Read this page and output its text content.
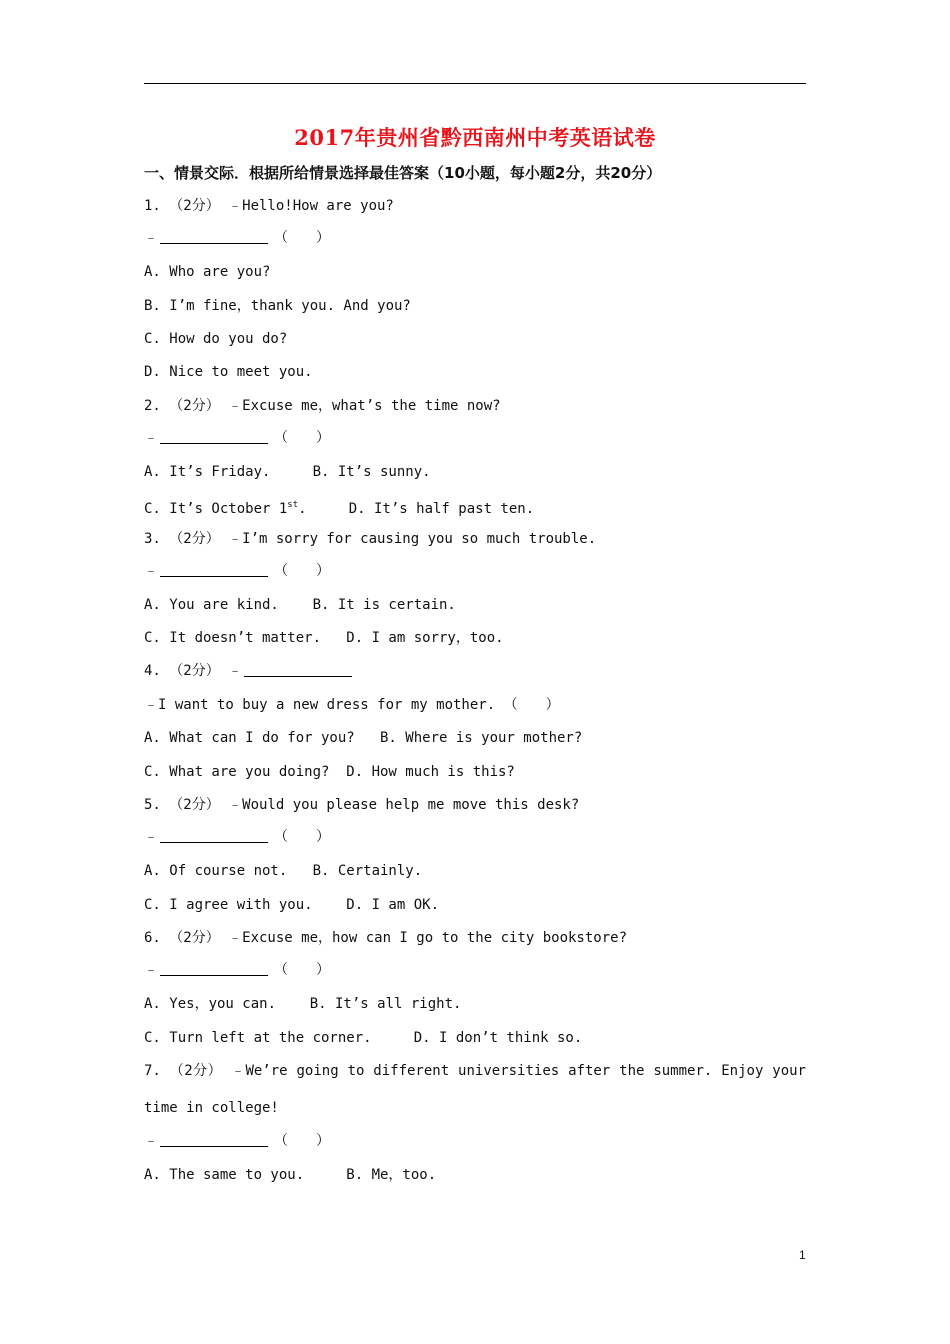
2017年贵州省黔西南州中考英语试卷
一、情景交际．根据所给情景选择最佳答案（10小题，每小题2分，共20分）
1. （2分） ﹣Hello!How are you?
﹣	（　　）
A. Who are you?
B. I’m fine，thank you. And you?
C. How do you do?
D. Nice to meet you.
2. （2分） ﹣Excuse me，what’s the time now?
﹣	（　　）
A. It’s Friday.     B. It’s sunny.
C. It’s October 1st.     D. It’s half past ten.
3. （2分） ﹣I’m sorry for causing you so much trouble.
﹣	（　　）
A. You are kind.    B. It is certain.
C. It doesn’t matter.   D. I am sorry，too.
4. （2分） ﹣
﹣I want to buy a new dress for my mother. （　　）
A. What can I do for you?   B. Where is your mother?
C. What are you doing?  D. How much is this?
5. （2分） ﹣Would you please help me move this desk?
﹣	（　　）
A. Of course not.   B. Certainly.
C. I agree with you.    D. I am OK.
6. （2分） ﹣Excuse me，how can I go to the city bookstore?
﹣	（　　）
A. Yes，you can.    B. It’s all right.
C. Turn left at the corner.     D. I don’t think so.
7. （2分） ﹣We’re going to different universities after the summer. Enjoy your
time in college!
﹣	（　　）
A. The same to you.     B. Me，too.
1
